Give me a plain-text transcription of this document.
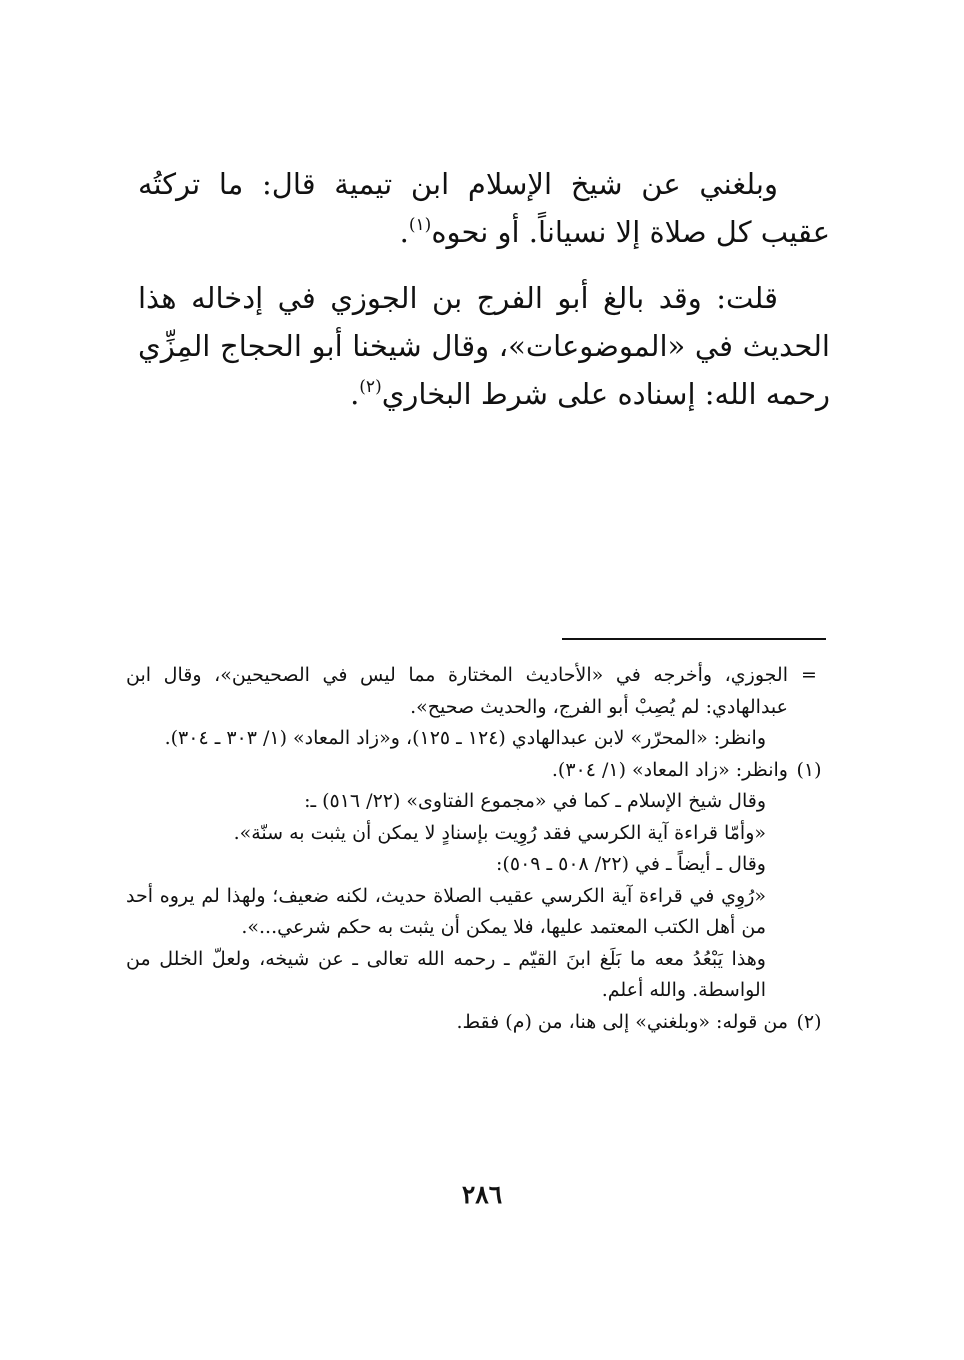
وبلغني عن شيخ الإسلام ابن تيمية قال: ما تركتُه عقيب كل صلاة إلا نسياناً. أو نحوه$^{(١)}$.

قلت: وقد بالغ أبو الفرج بن الجوزي في إدخاله هذا الحديث في «الموضوعات»، وقال شيخنا أبو الحجاج المِزِّي رحمه الله: إسناده على شرط البخاري$^{(٢)}$.

=

الجوزي، وأخرجه في «الأحاديث المختارة مما ليس في الصحيحين»، وقال ابن عبدالهادي: لم يُصِبْ أبو الفرج، والحديث صحيح».

وانظر: «المحرّر» لابن عبدالهادي (١٢٤ ـ ١٢٥)، و«زاد المعاد» (١/ ٣٠٣ ـ ٣٠٤).

(١)

وانظر: «زاد المعاد» (١/ ٣٠٤).

وقال شيخ الإسلام ـ كما في «مجموع الفتاوى» (٢٢/ ٥١٦) ـ:

«وأمّا قراءة آية الكرسي فقد رُوِيت بإسنادٍ لا يمكن أن يثبت به سنّة».

وقال ـ أيضاً ـ في (٢٢/ ٥٠٨ ـ ٥٠٩):

«رُوِي في قراءة آية الكرسي عقيب الصلاة حديث، لكنه ضعيف؛ ولهذا لم يروه أحد من أهل الكتب المعتمد عليها، فلا يمكن أن يثبت به حكم شرعي...».

وهذا يَبْعُدُ معه ما بَلَغ ابنَ القيّم ـ رحمه الله تعالى ـ عن شيخه، ولعلّ الخلل من الواسطة. والله أعلم.

(٢)

من قوله: «وبلغني» إلى هنا، من (م) فقط.

٢٨٦
